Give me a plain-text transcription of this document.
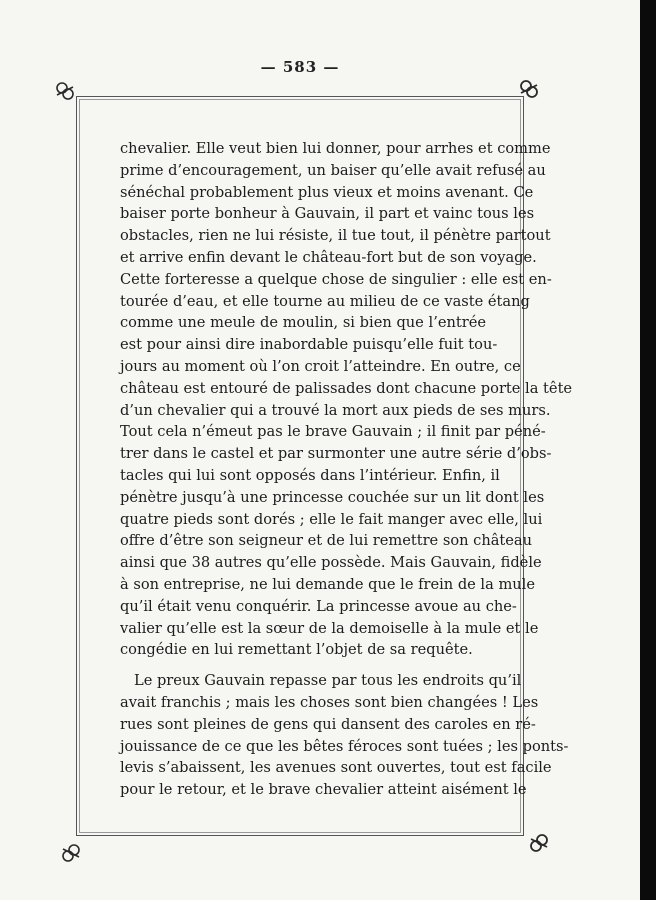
— 583 —
chevalier. Elle veut bien lui donner, pour arrhes et comme
prime d’encouragement, un baiser qu’elle avait refusé au
sénéchal probablement plus vieux et moins avenant. Ce
baiser porte bonheur à Gauvain, il part et vainc tous les
obstacles, rien ne lui résiste, il tue tout, il pénètre partout
et arrive enfin devant le château-fort but de son voyage.
Cette forteresse a quelque chose de singulier : elle est en-
tourée d’eau, et elle tourne au milieu de ce vaste étang
comme une meule de moulin, si bien que l’entrée
est pour ainsi dire inabordable puisqu’elle fuit tou-
jours au moment où l’on croit l’atteindre. En outre, ce
château est entouré de palissades dont chacune porte la tête
d’un chevalier qui a trouvé la mort aux pieds de ses murs.
Tout cela n’émeut pas le brave Gauvain ; il finit par péné-
trer dans le castel et par surmonter une autre série d’obs-
tacles qui lui sont opposés dans l’intérieur. Enfin, il
pénètre jusqu’à une princesse couchée sur un lit dont les
quatre pieds sont dorés ; elle le fait manger avec elle, lui
offre d’être son seigneur et de lui remettre son château
ainsi que 38 autres qu’elle possède. Mais Gauvain, fidèle
à son entreprise, ne lui demande que le frein de la mule
qu’il était venu conquérir. La princesse avoue au che-
valier qu’elle est la sœur de la demoiselle à la mule et le
congédie en lui remettant l’objet de sa requête.
Le preux Gauvain repasse par tous les endroits qu’il
avait franchis ; mais les choses sont bien changées ! Les
rues sont pleines de gens qui dansent des caroles en ré-
jouissance de ce que les bêtes féroces sont tuées ; les ponts-
levis s’abaissent, les avenues sont ouvertes, tout est facile
pour le retour, et le brave chevalier atteint aisément le
